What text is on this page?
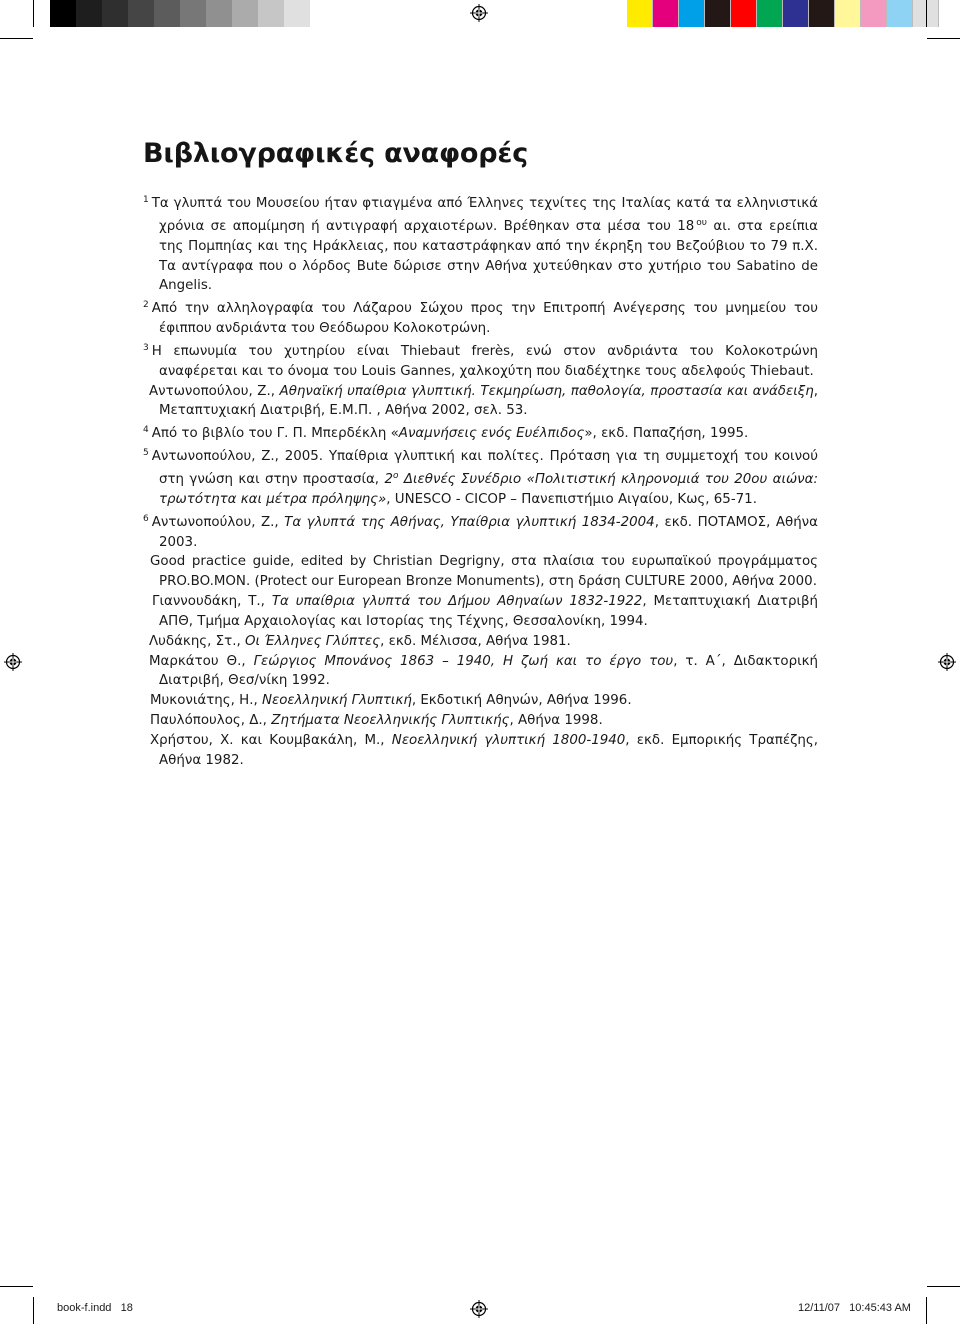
Βιβλιογραφικές αναφορές

$^1$ Τα γλυπτά του Μουσείου ήταν φτιαγμένα από Έλληνες τεχνίτες της Ιταλίας κατά τα ελληνιστικά χρόνια σε απομίμηση ή αντιγραφή αρχαιοτέρων. Βρέθηκαν στα μέσα του 18 $^{o\upsilon}$ αι. στα ερείπια της Πομπηίας και της Ηράκλειας, που καταστράφηκαν από την έκρηξη του Βεζούβιου το 79 π.Χ. Τα αντίγραφα που ο λόρδος Bute δώρισε στην Αθήνα χυτεύθηκαν στο χυτήριο του Sabatino de Angelis.

$^2$ Από την αλληλογραφία του Λάζαρου Σώχου προς την Επιτροπή Ανέγερσης του μνημείου του έφιππου ανδριάντα του Θεόδωρου Κολοκοτρώνη.

$^3$ Η επωνυμία του χυτηρίου είναι Thiebaut frerès, ενώ στον ανδριάντα του Κολοκοτρώνη αναφέρεται και το όνομα του Louis Gannes, χαλκοχύτη που διαδέχτηκε τους αδελφούς Thiebaut.

Αντωνοπούλου, Ζ., Αθηναϊκή υπαίθρια γλυπτική. Τεκμηρίωση, παθολογία, προστασία και ανάδειξη, Μεταπτυχιακή Διατριβή, Ε.Μ.Π. , Αθήνα 2002, σελ. 53.

$^4$ Από το βιβλίο του Γ. Π. Μπερδέκλη «Αναμνήσεις ενός Ευέλπιδος», εκδ. Παπαζήση, 1995.

$^5$ Αντωνοπούλου, Ζ., 2005. Υπαίθρια γλυπτική και πολίτες. Πρόταση για τη συμμετοχή του κοινού στη γνώση και στην προστασία, $2^o$ Διεθνές Συνέδριο «Πολιτιστική κληρονομιά του 20ου αιώνα: τρωτότητα και μέτρα πρόληψης», UNESCO - CICOP – Πανεπιστήμιο Αιγαίου, Κως, 65-71.

$^6$ Αντωνοπούλου, Ζ., Τα γλυπτά της Αθήνας, Υπαίθρια γλυπτική 1834-2004, εκδ. ΠΟΤΑΜΟΣ, Αθήνα 2003.

Good practice guide, edited by Christian Degrigny, στα πλαίσια του ευρωπαϊκού προγράμματος PRO.BO.MON. (Protect our European Bronze Monuments), στη δράση CULTURE 2000, Αθήνα 2000.

Γιαννουδάκη, Τ., Τα υπαίθρια γλυπτά του Δήμου Αθηναίων 1832-1922, Μεταπτυχιακή Διατριβή ΑΠΘ, Τμήμα Αρχαιολογίας και Ιστορίας της Τέχνης, Θεσσαλονίκη, 1994.

Λυδάκης, Στ., Οι Έλληνες Γλύπτες, εκδ. Μέλισσα, Αθήνα 1981.

Μαρκάτου Θ., Γεώργιος Μπονάνος 1863 – 1940, Η ζωή και το έργο του, τ. Α΄, Διδακτορική Διατριβή, Θεσ/νίκη 1992.

Μυκονιάτης, Η., Νεοελληνική Γλυπτική, Εκδοτική Αθηνών, Αθήνα 1996.

Παυλόπουλος, Δ., Ζητήματα Νεοελληνικής Γλυπτικής, Αθήνα 1998.

Χρήστου, Χ. και Κουμβακάλη, Μ., Νεοελληνική γλυπτική 1800-1940, εκδ. Εμπορικής Τραπέζης, Αθήνα 1982.

book-f.indd   18	12/11/07   10:45:43 AM
